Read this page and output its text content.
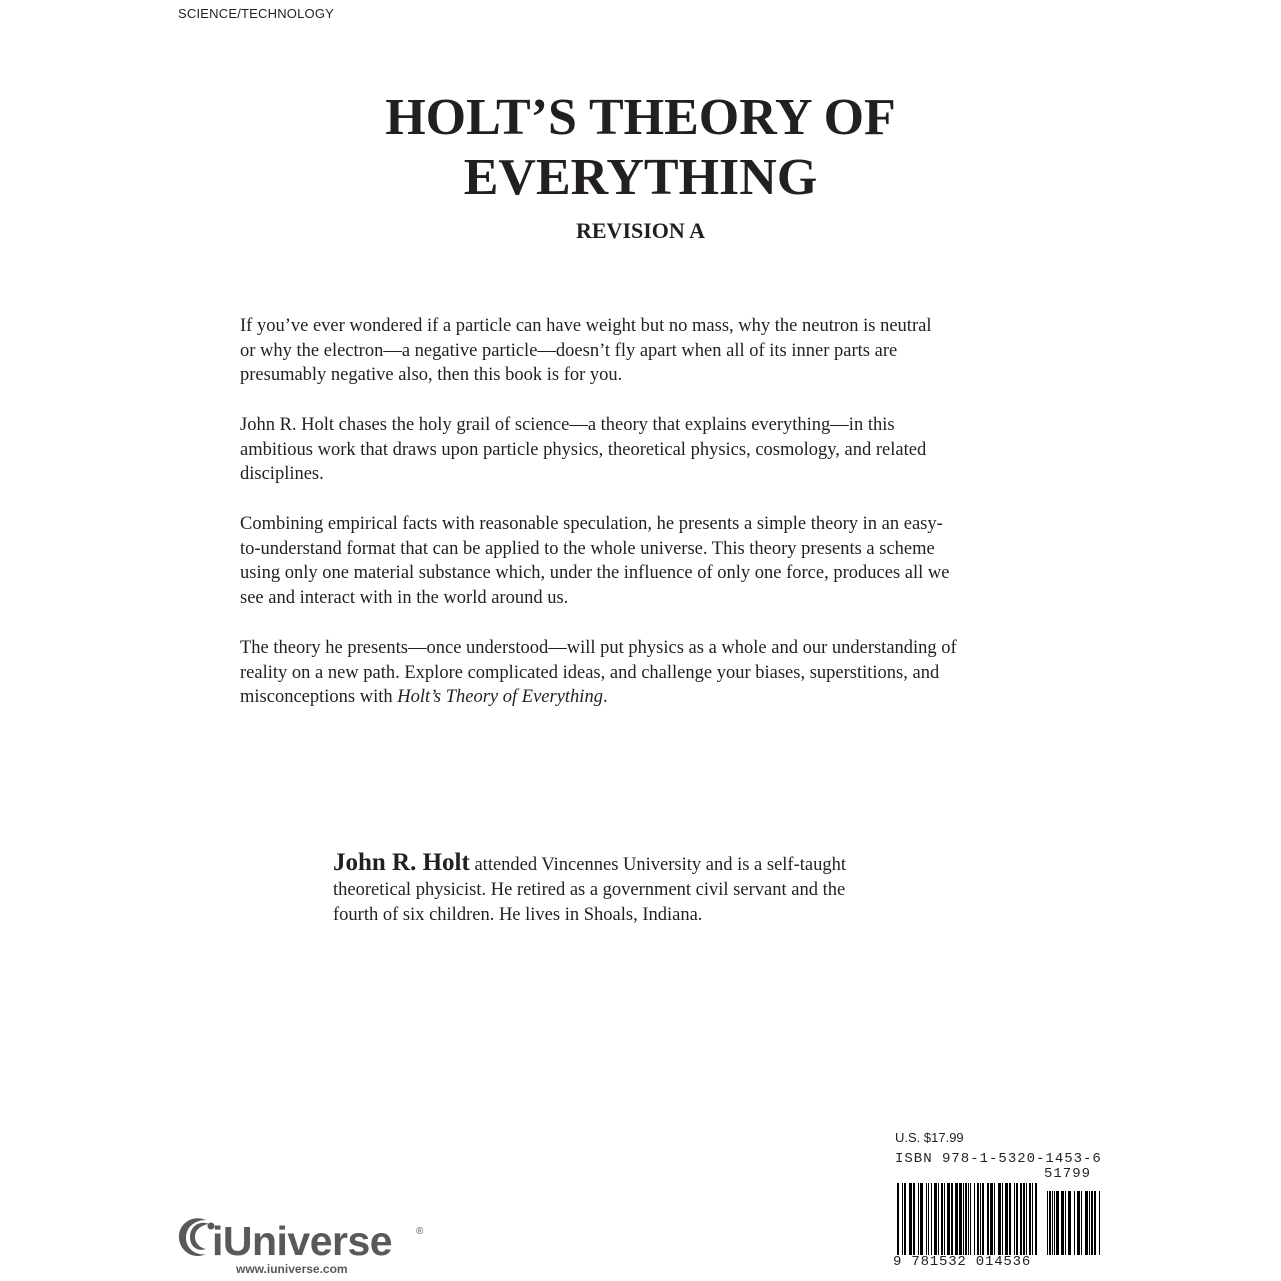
SCIENCE/TECHNOLOGY
HOLT’S THEORY OF
EVERYTHING
REVISION A

If you’ve ever wondered if a particle can have weight but no mass, why the neutron is neutral
or why the electron—a negative particle—doesn’t fly apart when all of its inner parts are
presumably negative also, then this book is for you.

John R. Holt chases the holy grail of science—a theory that explains everything—in this
ambitious work that draws upon particle physics, theoretical physics, cosmology, and related
disciplines.

Combining empirical facts with reasonable speculation, he presents a simple theory in an easy-
to-understand format that can be applied to the whole universe. This theory presents a scheme
using only one material substance which, under the influence of only one force, produces all we
see and interact with in the world around us.

The theory he presents—once understood—will put physics as a whole and our understanding of
reality on a new path. Explore complicated ideas, and challenge your biases, superstitions, and
misconceptions with Holt’s Theory of Everything.

John R. Holt attended Vincennes University and is a self-taught
theoretical physicist. He retired as a government civil servant and the
fourth of six children. He lives in Shoals, Indiana.

U.S. $17.99
ISBN 978-1-5320-1453-6
51799
9 781532 014536
iUniverse ®
www.iuniverse.com
